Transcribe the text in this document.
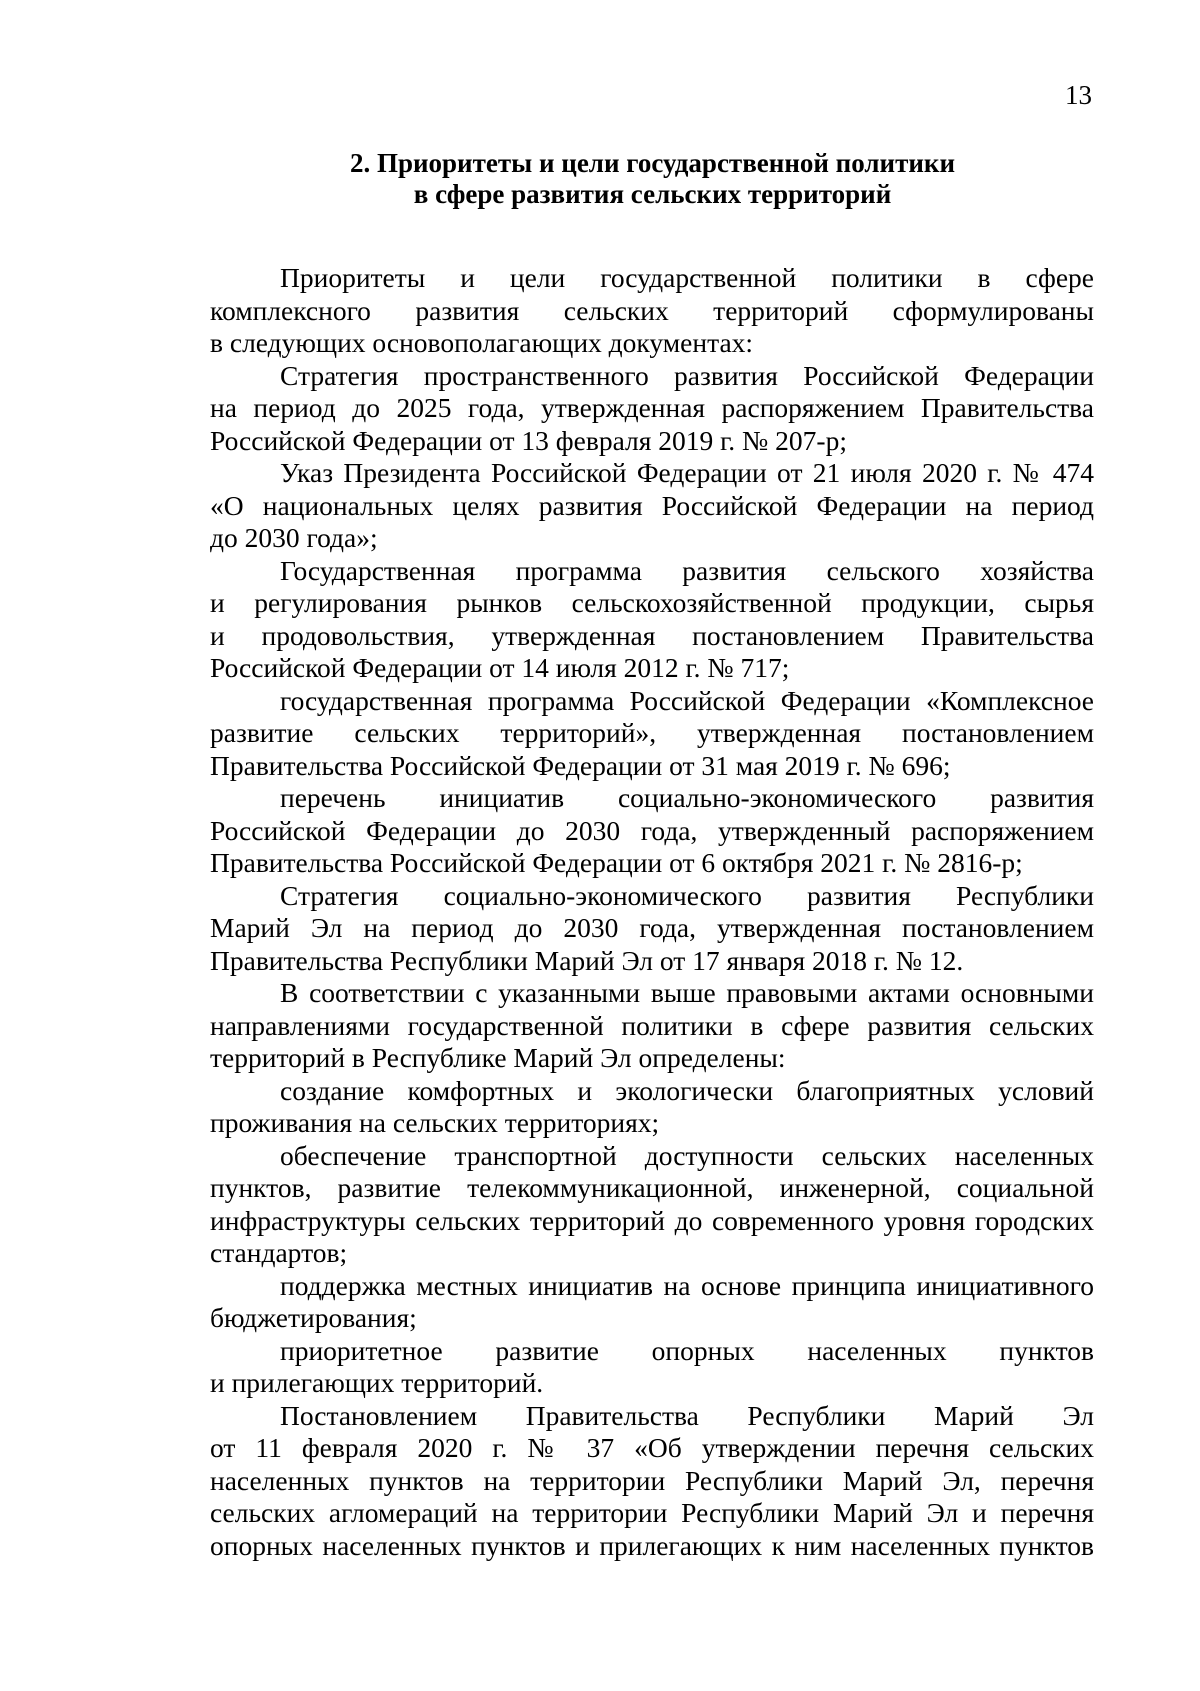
13
2. Приоритеты и цели государственной политики
в сфере развития сельских территорий
Приоритеты и цели государственной политики в сфере
комплексного развития сельских территорий сформулированы
в следующих основополагающих документах:
Стратегия пространственного развития Российской Федерации
на период до 2025 года, утвержденная распоряжением Правительства
Российской Федерации от 13 февраля 2019 г. № 207-р;
Указ Президента Российской Федерации от 21 июля 2020 г. № 474
«О национальных целях развития Российской Федерации на период
до 2030 года»;
Государственная программа развития сельского хозяйства
и регулирования рынков сельскохозяйственной продукции, сырья
и продовольствия, утвержденная постановлением Правительства
Российской Федерации от 14 июля 2012 г. № 717;
государственная программа Российской Федерации «Комплексное
развитие сельских территорий», утвержденная постановлением
Правительства Российской Федерации от 31 мая 2019 г. № 696;
перечень инициатив социально-экономического развития
Российской Федерации до 2030 года, утвержденный распоряжением
Правительства Российской Федерации от 6 октября 2021 г. № 2816-р;
Стратегия социально-экономического развития Республики
Марий Эл на период до 2030 года, утвержденная постановлением
Правительства Республики Марий Эл от 17 января 2018 г. № 12.
В соответствии с указанными выше правовыми актами основными
направлениями государственной политики в сфере развития сельских
территорий в Республике Марий Эл определены:
создание комфортных и экологически благоприятных условий
проживания на сельских территориях;
обеспечение транспортной доступности сельских населенных
пунктов, развитие телекоммуникационной, инженерной, социальной
инфраструктуры сельских территорий до современного уровня городских
стандартов;
поддержка местных инициатив на основе принципа инициативного
бюджетирования;
приоритетное развитие опорных населенных пунктов
и прилегающих территорий.
Постановлением Правительства Республики Марий Эл
от 11 февраля 2020 г. № 37 «Об утверждении перечня сельских
населенных пунктов на территории Республики Марий Эл, перечня
сельских агломераций на территории Республики Марий Эл и перечня
опорных населенных пунктов и прилегающих к ним населенных пунктов
